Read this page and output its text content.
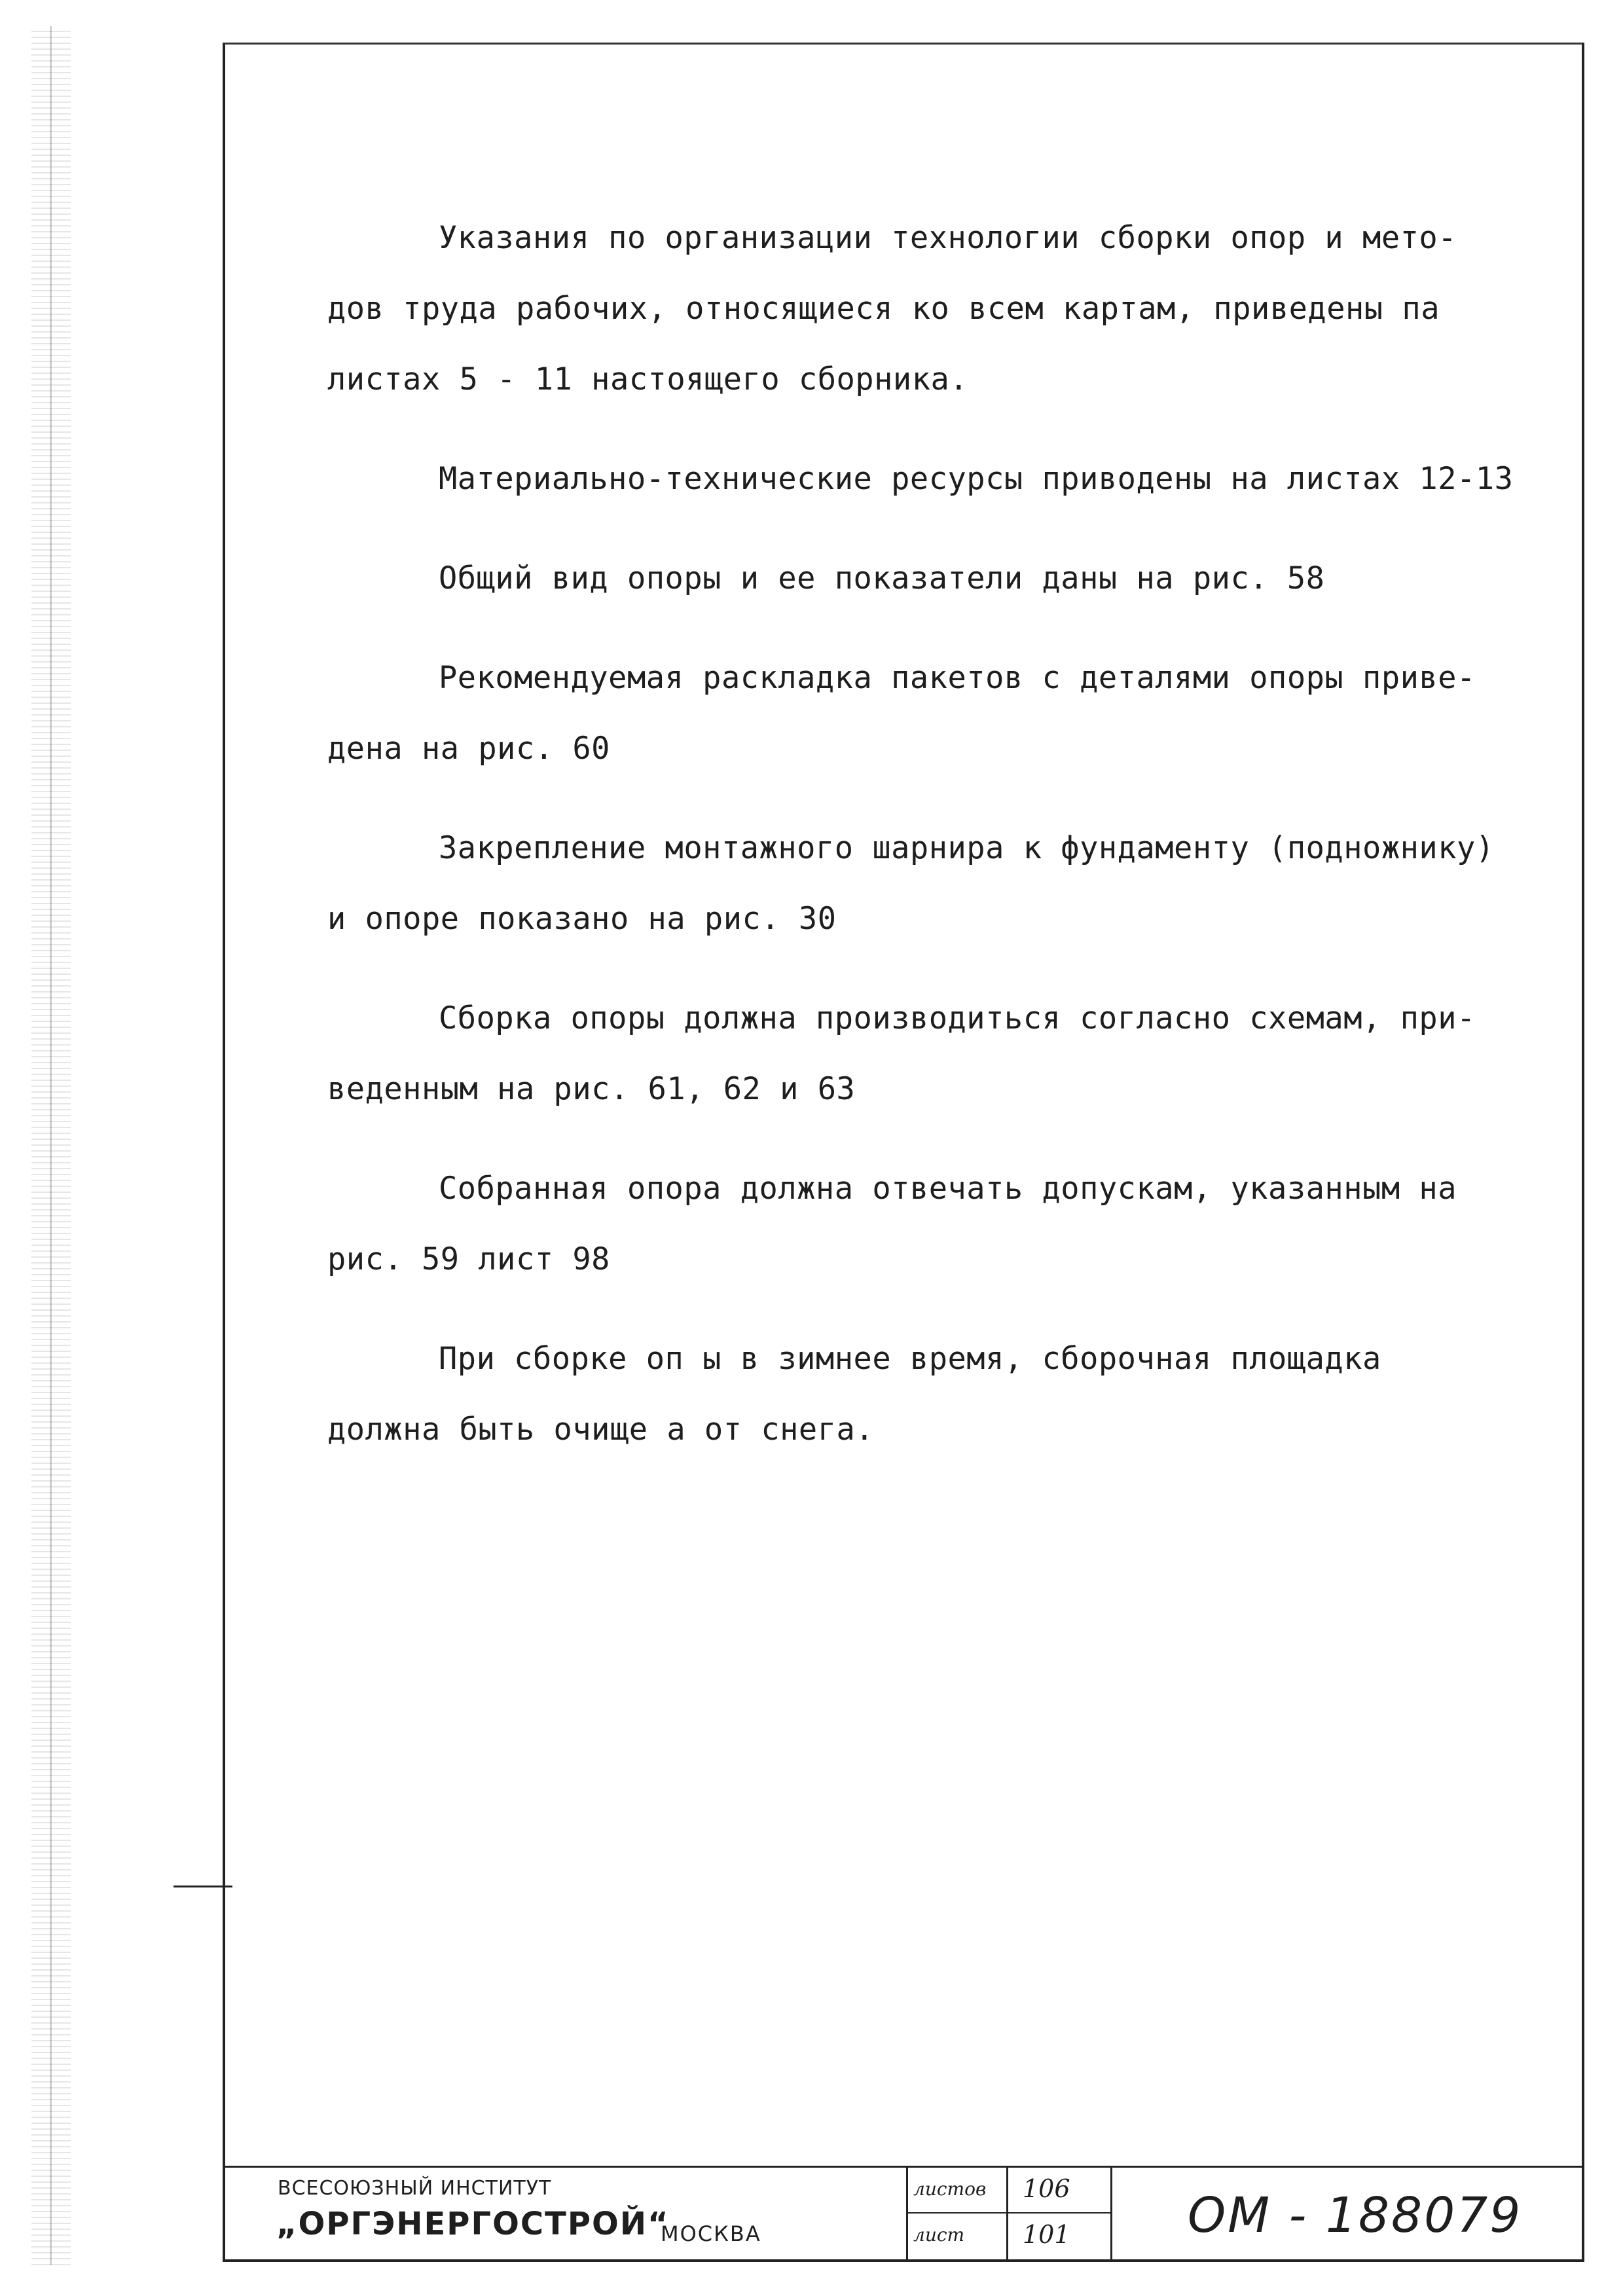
Указания по организации технологии сборки опор и мето-
дов труда рабочих, относящиеся ко всем картам, приведены па
листах 5 - 11 настоящего сборника.

Материально-технические ресурсы приводены на листах 12-13

Общий вид опоры и ее показатели даны на рис. 58

Рекомендуемая раскладка пакетов с деталями опоры приве-
дена на рис. 60

Закрепление монтажного шарнира к фундаменту (подножнику)
и опоре показано на рис. 30

Сборка опоры должна производиться согласно схемам, при-
веденным на рис. 61, 62 и 63

Собранная опора должна отвечать допускам, указанным на
рис. 59 лист 98

При сборке оп ы в зимнее время, сборочная площадка
должна быть очище а от снега.

ВСЕСОЮЗНЫЙ ИНСТИТУТ
„ОРГЭНЕРГОСТРОЙ“
МОСКВА
листов 106
лист 101 ОМ - 188079
